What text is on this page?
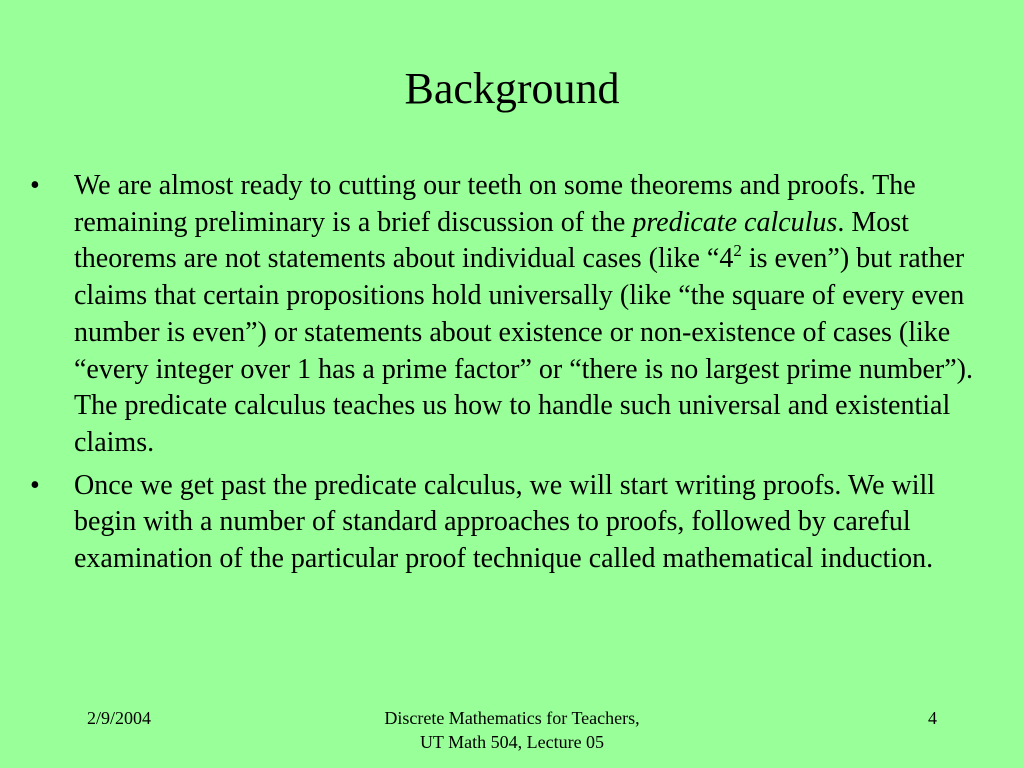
Background
• We are almost ready to cutting our teeth on some theorems and proofs. The remaining preliminary is a brief discussion of the predicate calculus. Most theorems are not statements about individual cases (like “$4^2$ is even”) but rather claims that certain propositions hold universally (like “the square of every even number is even”) or statements about existence or non-existence of cases (like “every integer over 1 has a prime factor” or “there is no largest prime number”). The predicate calculus teaches us how to handle such universal and existential claims.

• Once we get past the predicate calculus, we will start writing proofs. We will begin with a number of standard approaches to proofs, followed by careful examination of the particular proof technique called mathematical induction.

2/9/2004	Discrete Mathematics for Teachers,
UT Math 504, Lecture 05
4
